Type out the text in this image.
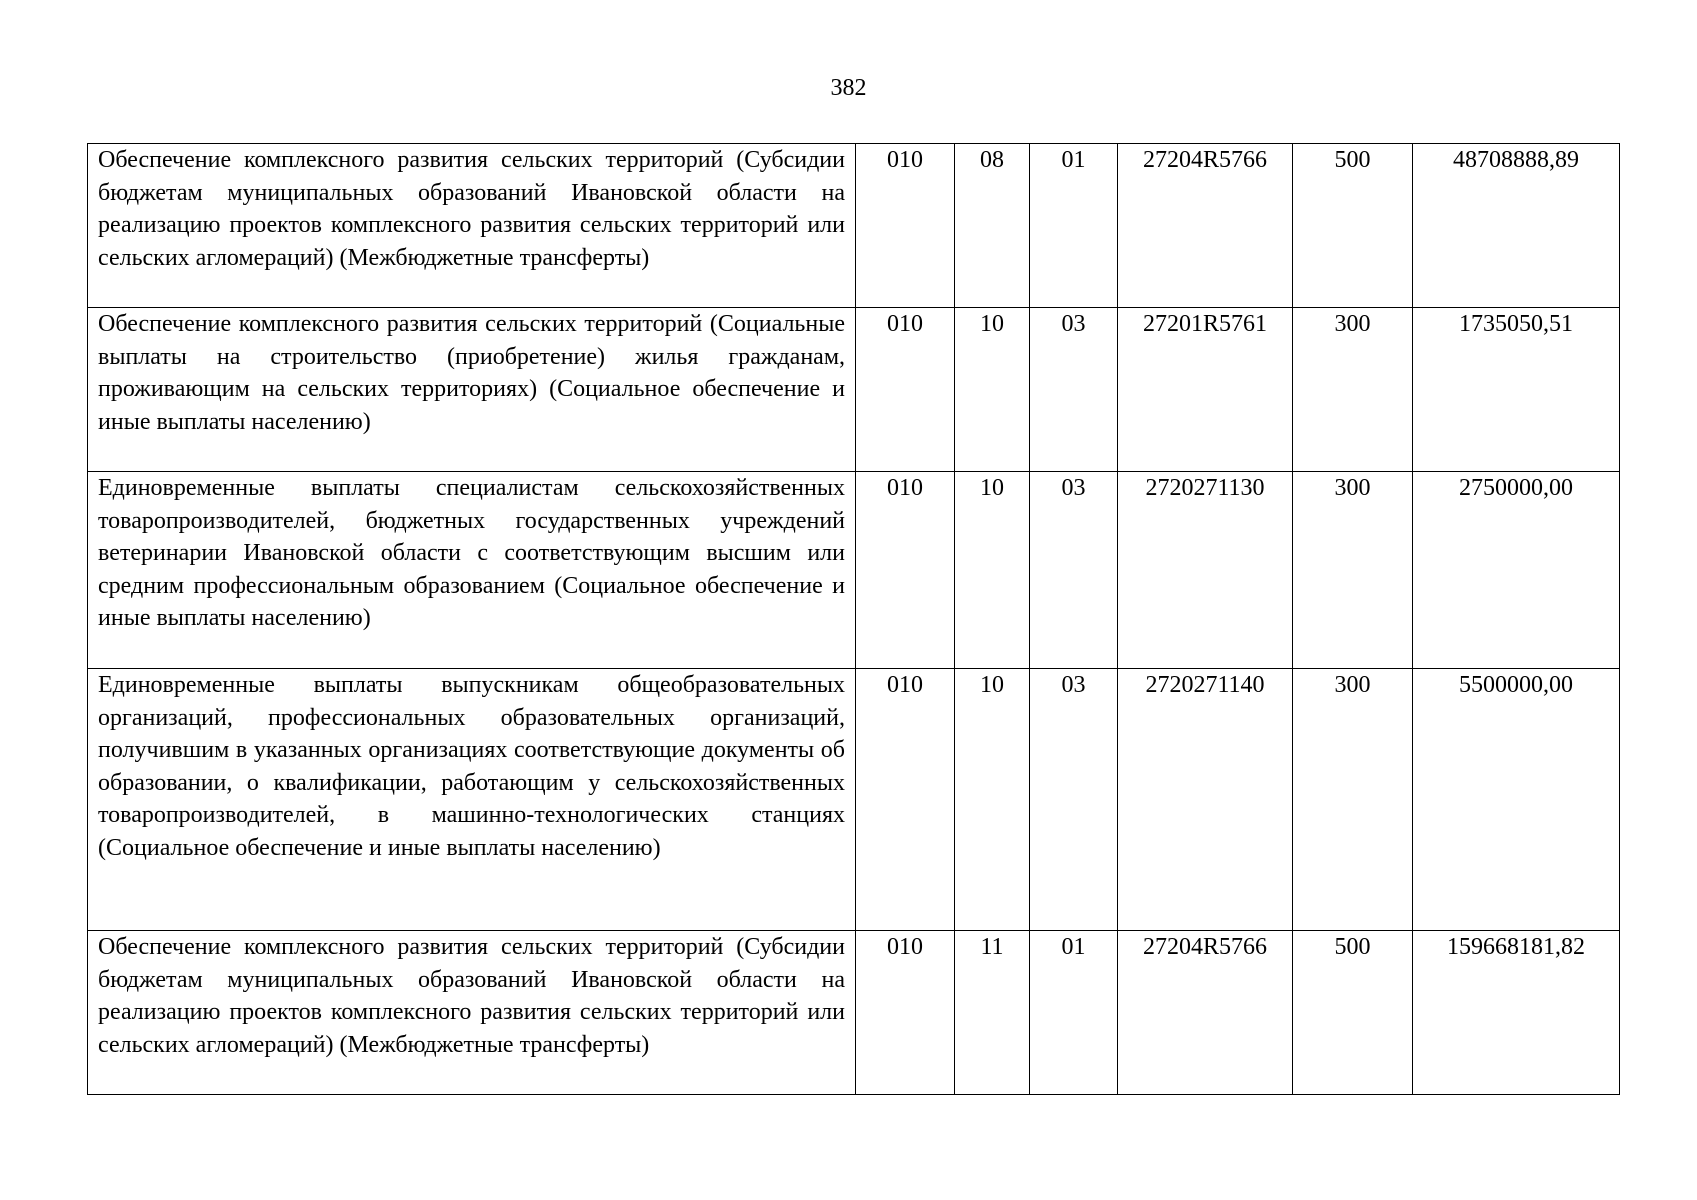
382
Обеспечение комплексного развития сельских территорий (Субсидии бюджетам муниципальных образований Ивановской области на реализацию проектов комплексного развития сельских территорий или сельских агломераций) (Межбюджетные трансферты)	010	08	01	27204R5766	500	48708888,89
Обеспечение комплексного развития сельских территорий (Социальные выплаты на строительство (приобретение) жилья гражданам, проживающим на сельских территориях) (Социальное обеспечение и иные выплаты населению)	010	10	03	27201R5761	300	1735050,51
Единовременные выплаты специалистам сельскохозяйственных товаропроизводителей, бюджетных государственных учреждений ветеринарии Ивановской области с соответствующим высшим или средним профессиональным образованием (Социальное обеспечение и иные выплаты населению)	010	10	03	2720271130	300	2750000,00
Единовременные выплаты выпускникам общеобразовательных организаций, профессиональных образовательных организаций, получившим в указанных организациях соответствующие документы об образовании, о квалификации, работающим у сельскохозяйственных товаропроизводителей, в машинно-технологических станциях (Социальное обеспечение и иные выплаты населению)	010	10	03	2720271140	300	5500000,00
Обеспечение комплексного развития сельских территорий (Субсидии бюджетам муниципальных образований Ивановской области на реализацию проектов комплексного развития сельских территорий или сельских агломераций) (Межбюджетные трансферты)	010	11	01	27204R5766	500	159668181,82
